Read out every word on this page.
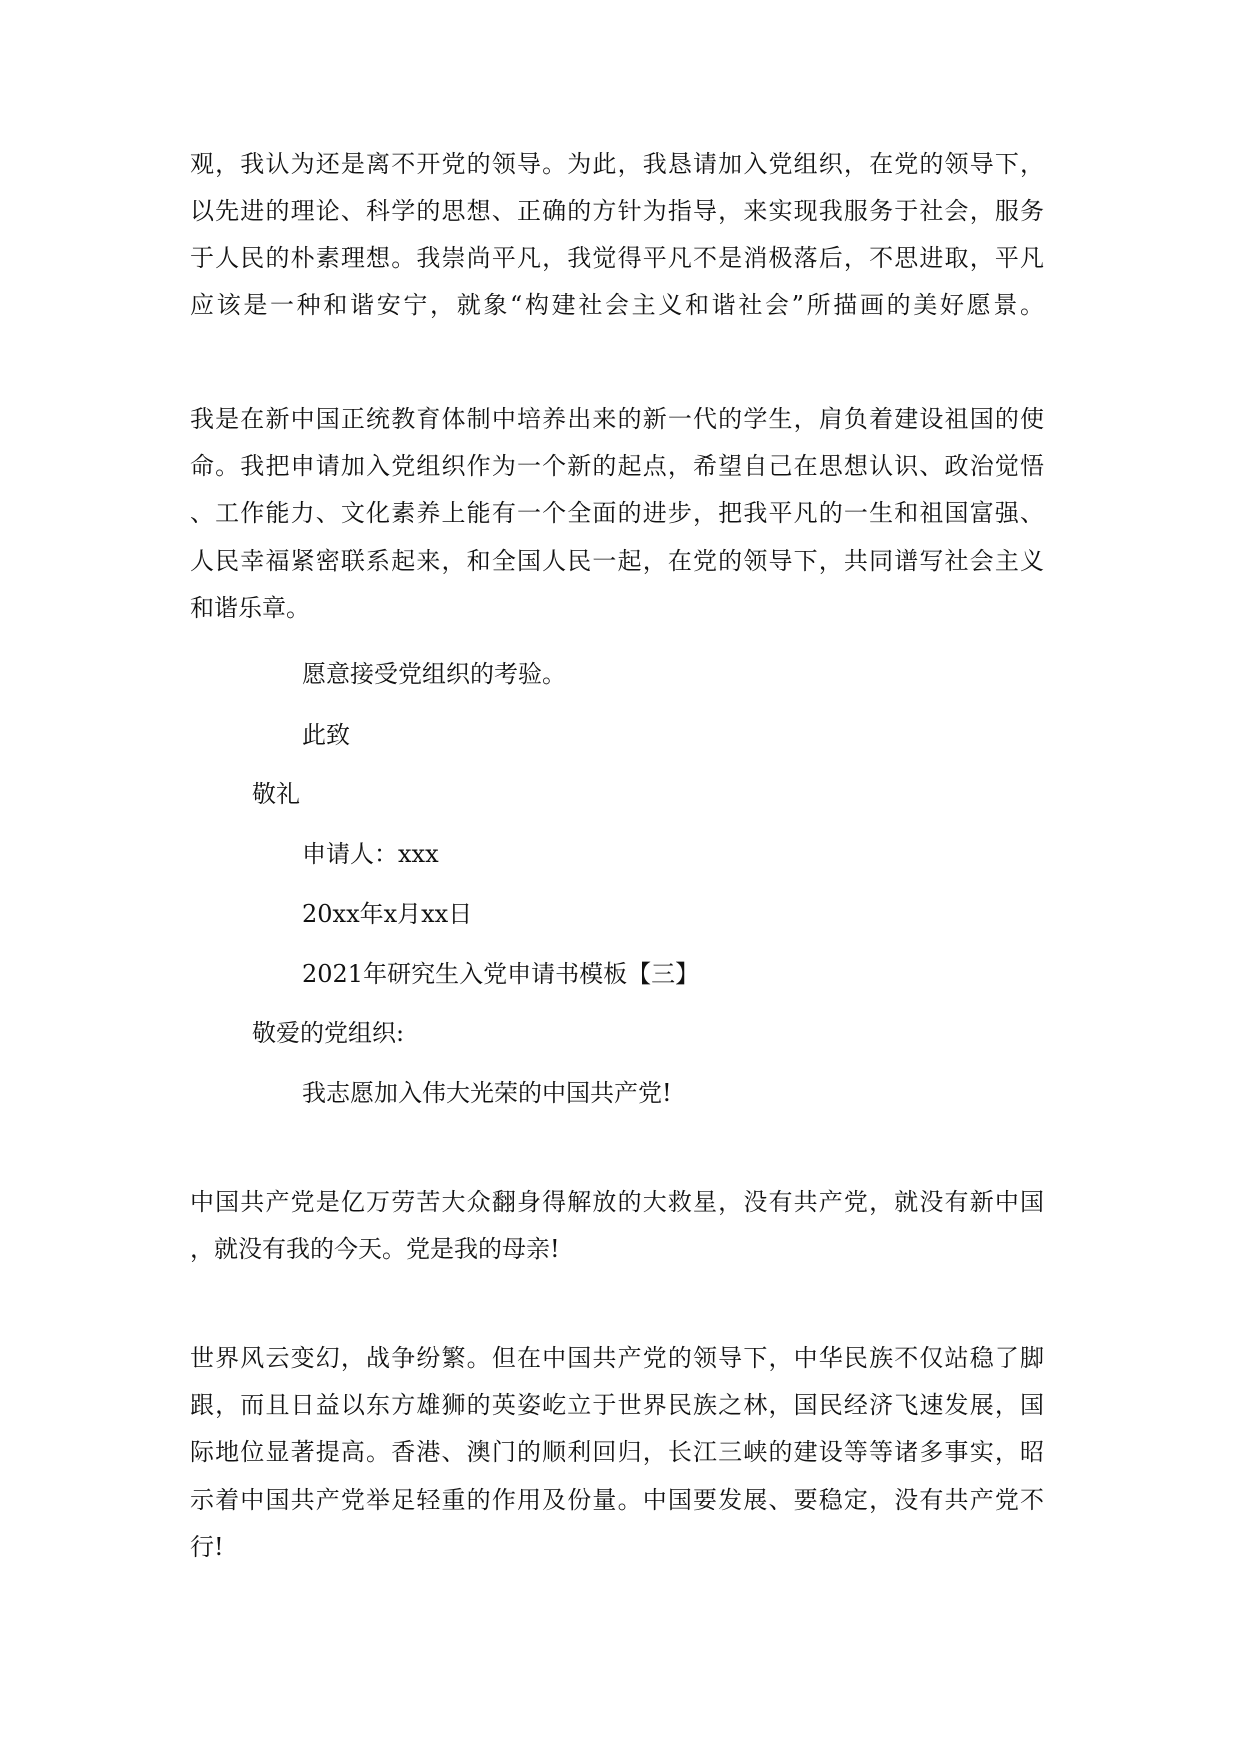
观，我认为还是离不开党的领导。为此，我恳请加入党组织，在党的领导下，

以先进的理论、科学的思想、正确的方针为指导，来实现我服务于社会，服务

于人民的朴素理想。我崇尚平凡，我觉得平凡不是消极落后，不思进取，平凡

应该是一种和谐安宁，就象“构建社会主义和谐社会”所描画的美好愿景。

我是在新中国正统教育体制中培养出来的新一代的学生，肩负着建设祖国的使

命。我把申请加入党组织作为一个新的起点，希望自己在思想认识、政治觉悟

、工作能力、文化素养上能有一个全面的进步，把我平凡的一生和祖国富强、

人民幸福紧密联系起来，和全国人民一起，在党的领导下，共同谱写社会主义

和谐乐章。

愿意接受党组织的考验。

此致

敬礼

申请人：xxx

20xx年x月xx日

2021年研究生入党申请书模板【三】

敬爱的党组织:

我志愿加入伟大光荣的中国共产党!

中国共产党是亿万劳苦大众翻身得解放的大救星，没有共产党，就没有新中国

，就没有我的今天。党是我的母亲!

世界风云变幻，战争纷繁。但在中国共产党的领导下，中华民族不仅站稳了脚

跟，而且日益以东方雄狮的英姿屹立于世界民族之林，国民经济飞速发展，国

际地位显著提高。香港、澳门的顺利回归，长江三峡的建设等等诸多事实，昭

示着中国共产党举足轻重的作用及份量。中国要发展、要稳定，没有共产党不

行!
